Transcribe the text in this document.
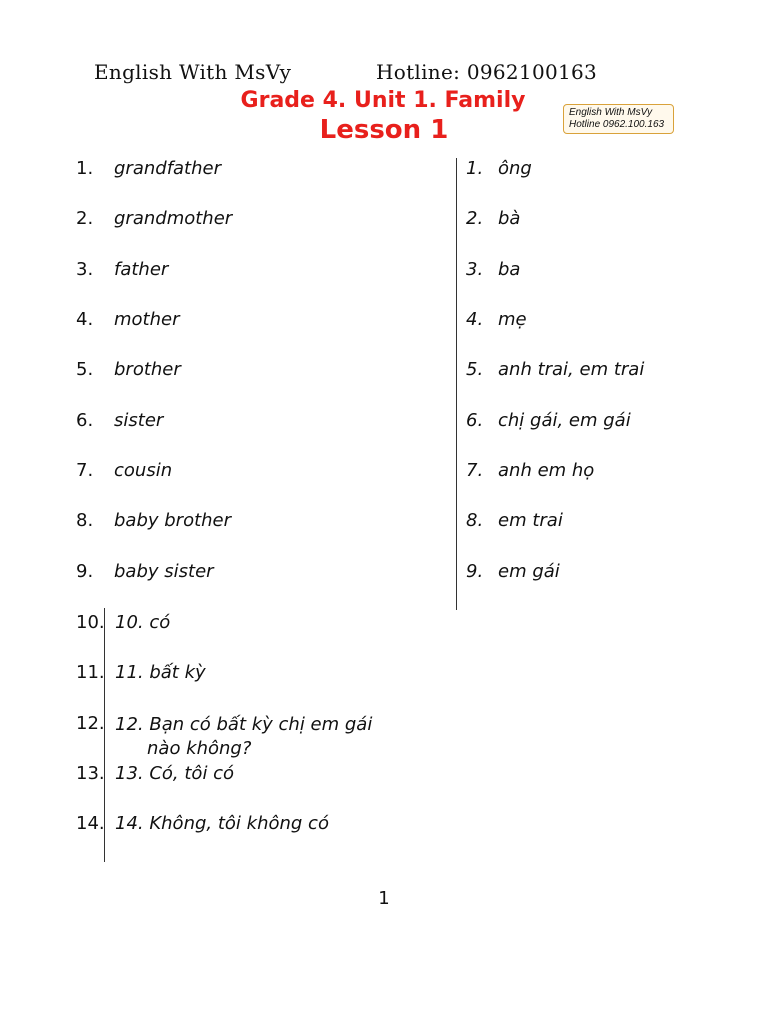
English With MsVy	Hotline: 0962100163
Grade 4. Unit 1. Family
Lesson 1
English With MsVy
Hotline 0962.100.163
1. grandfather
2. grandmother
3. father
4. mother
5. brother
6. sister
7. cousin
8. baby brother
9. baby sister
1. ông
2. bà
3. ba
4. mẹ
5. anh trai, em trai
6. chị gái, em gái
7. anh em họ
8. em trai
9. em gái
10. 10. có
11. 11. bất kỳ
12. 12. Bạn có bất kỳ chị em gái nào không?
13. 13. Có, tôi có
14. 14. Không, tôi không có
1
